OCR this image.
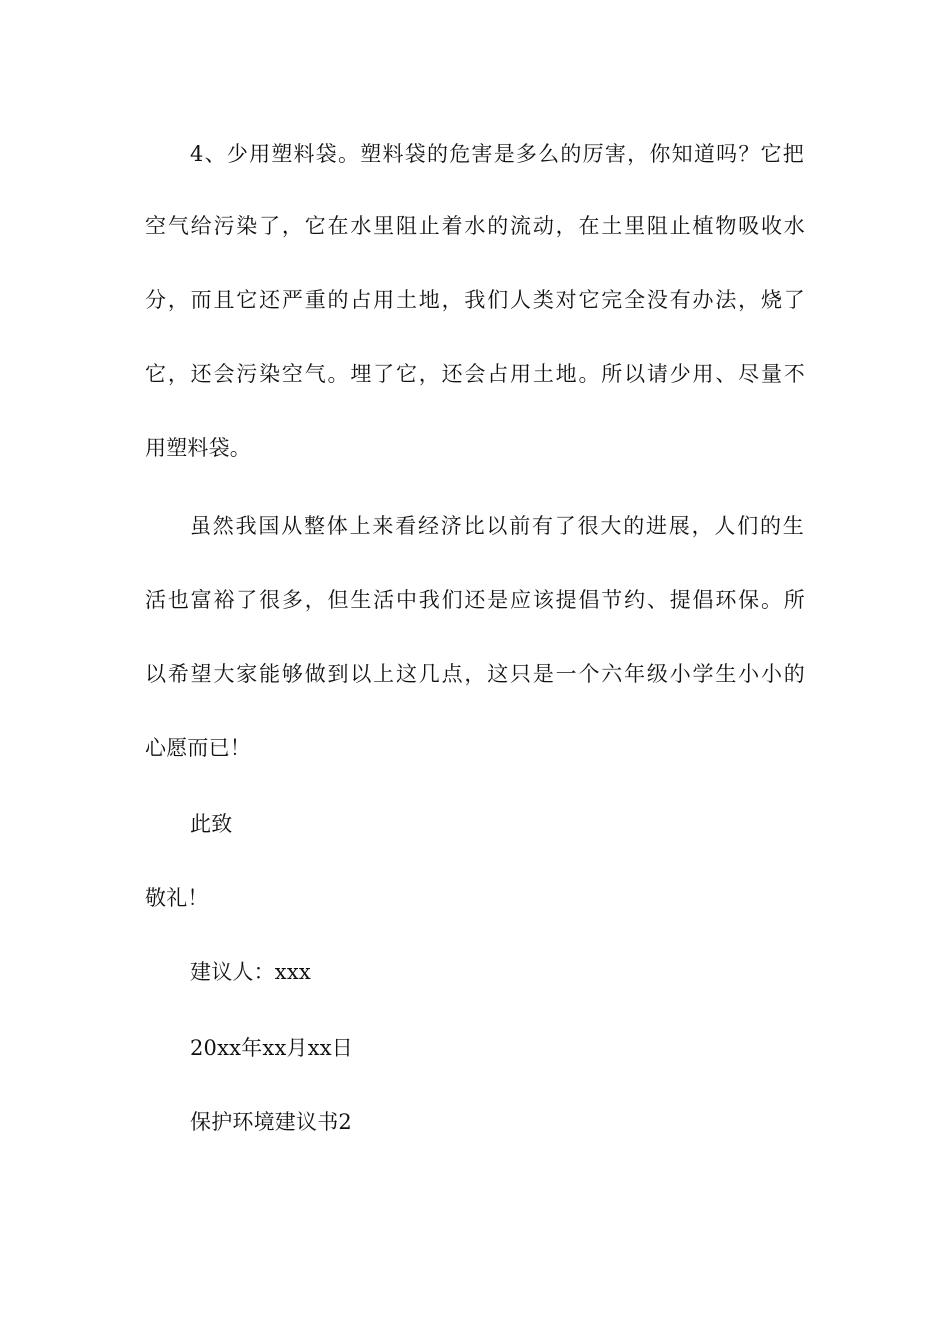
4、少用塑料袋。塑料袋的危害是多么的厉害，你知道吗？它把
空气给污染了，它在水里阻止着水的流动，在土里阻止植物吸收水
分，而且它还严重的占用土地，我们人类对它完全没有办法，烧了
它，还会污染空气。埋了它，还会占用土地。所以请少用、尽量不
用塑料袋。
虽然我国从整体上来看经济比以前有了很大的进展，人们的生
活也富裕了很多，但生活中我们还是应该提倡节约、提倡环保。所
以希望大家能够做到以上这几点，这只是一个六年级小学生小小的
心愿而已！
此致
敬礼！
建议人：xxx
20xx年xx月xx日
保护环境建议书2
